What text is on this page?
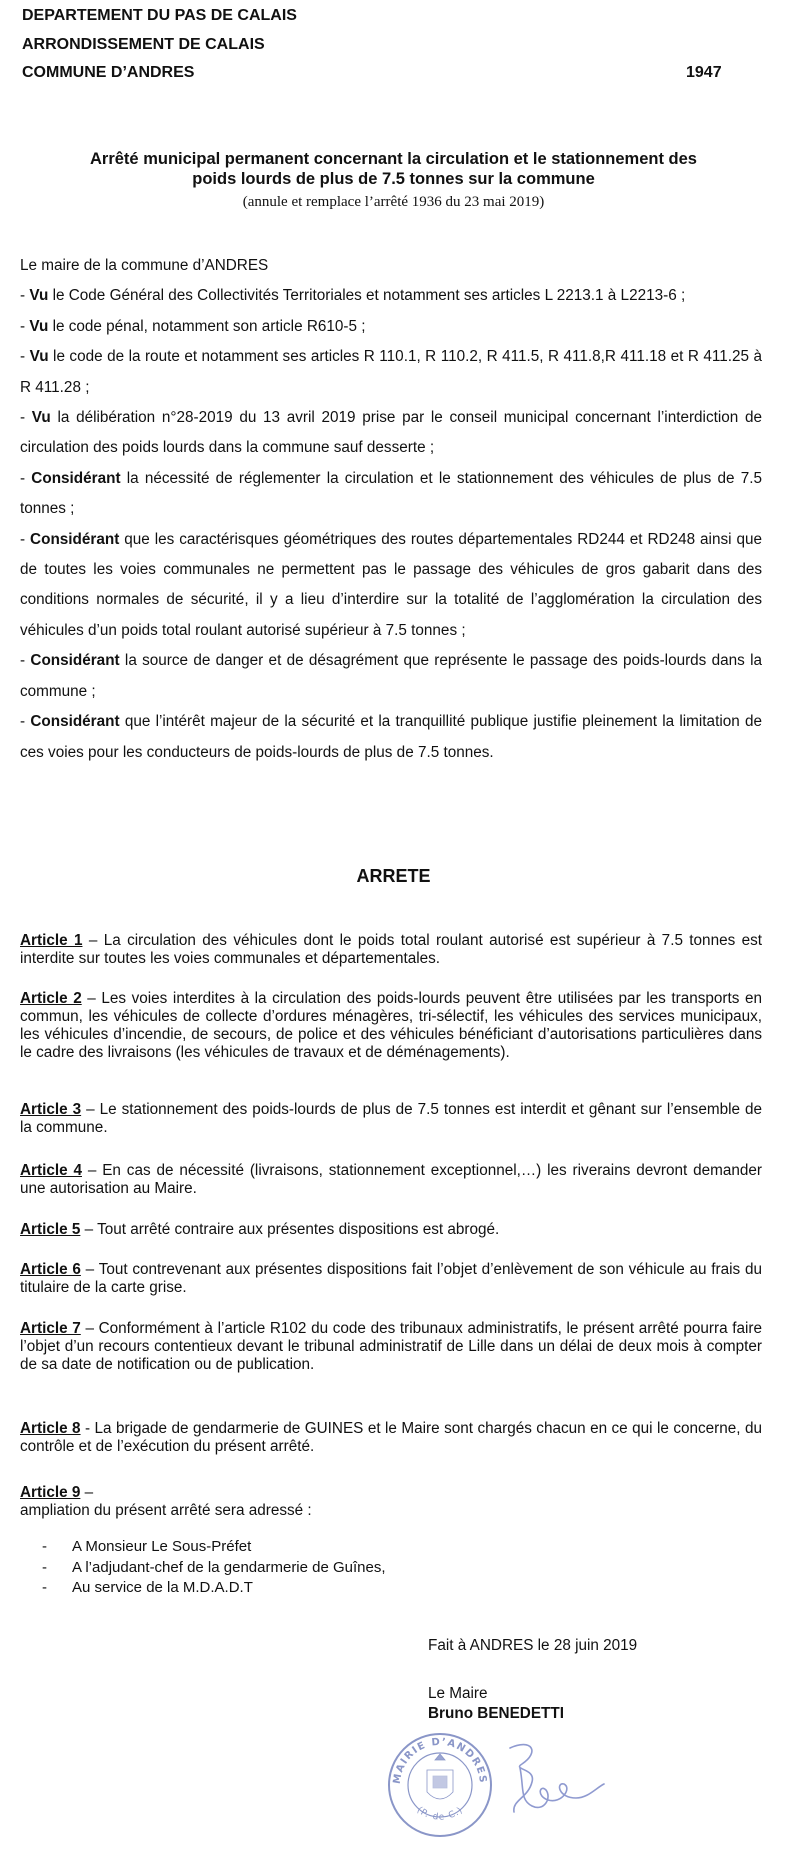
DEPARTEMENT DU PAS DE CALAIS
ARRONDISSEMENT DE CALAIS
COMMUNE D’ANDRES	1947
Arrêté municipal permanent concernant la circulation et le stationnement des
poids lourds de plus de 7.5 tonnes sur la commune
(annule et remplace l’arrêté 1936 du 23 mai 2019)

Le maire de la commune d’ANDRES

- Vu le Code Général des Collectivités Territoriales et notamment ses articles L 2213.1 à L2213-6 ;

- Vu le code pénal, notamment son article R610-5 ;

- Vu le code de la route et notamment ses articles R 110.1, R 110.2, R 411.5, R 411.8,R 411.18 et R 411.25 à R 411.28 ;

- Vu la délibération n°28-2019 du 13 avril 2019 prise par le conseil municipal concernant l’interdiction de circulation des poids lourds dans la commune sauf desserte ;

- Considérant la nécessité de réglementer la circulation et le stationnement des véhicules de plus de 7.5 tonnes ;

- Considérant que les caractérisques géométriques des routes départementales RD244 et RD248 ainsi que de toutes les voies communales ne permettent pas le passage des véhicules de gros gabarit dans des conditions normales de sécurité, il y a lieu d’interdire sur la totalité de l’agglomération la circulation des véhicules d’un poids total roulant autorisé supérieur à 7.5 tonnes ;

- Considérant la source de danger et de désagrément que représente le passage des poids-lourds dans la commune ;

- Considérant que l’intérêt majeur de la sécurité et la tranquillité publique justifie pleinement la limitation de ces voies pour les conducteurs de poids-lourds de plus de 7.5 tonnes.

ARRETE
Article 1 – La circulation des véhicules dont le poids total roulant autorisé est supérieur à 7.5 tonnes est interdite sur toutes les voies communales et départementales.
Article 2 – Les voies interdites à la circulation des poids-lourds peuvent être utilisées par les transports en commun, les véhicules de collecte d’ordures ménagères, tri-sélectif, les véhicules des services municipaux, les véhicules d’incendie, de secours, de police et des véhicules bénéficiant d’autorisations particulières dans le cadre des livraisons (les véhicules de travaux et de déménagements).
Article 3 – Le stationnement des poids-lourds de plus de 7.5 tonnes est interdit et gênant sur l’ensemble de la commune.
Article 4 – En cas de nécessité (livraisons, stationnement exceptionnel,…) les riverains devront demander une autorisation au Maire.
Article 5 – Tout arrêté contraire aux présentes dispositions est abrogé.
Article 6 – Tout contrevenant aux présentes dispositions fait l’objet d’enlèvement de son véhicule au frais du titulaire de la carte grise.
Article 7 – Conformément à l’article R102 du code des tribunaux administratifs, le présent arrêté pourra faire l’objet d’un recours contentieux devant le tribunal administratif de Lille dans un délai de deux mois à compter de sa date de notification ou de publication.
Article 8 - La brigade de gendarmerie de GUINES et le Maire sont chargés chacun en ce qui le concerne, du contrôle et de l’exécution du présent arrêté.
Article 9 –
ampliation du présent arrêté sera adressé :
- A Monsieur Le Sous-Préfet
- A l’adjudant-chef de la gendarmerie de Guînes,
- Au service de la M.D.A.D.T
Fait à ANDRES le 28 juin 2019
Le Maire
Bruno BENEDETTI
MAIRIE D’ANDRES
(P.-de-C.)
